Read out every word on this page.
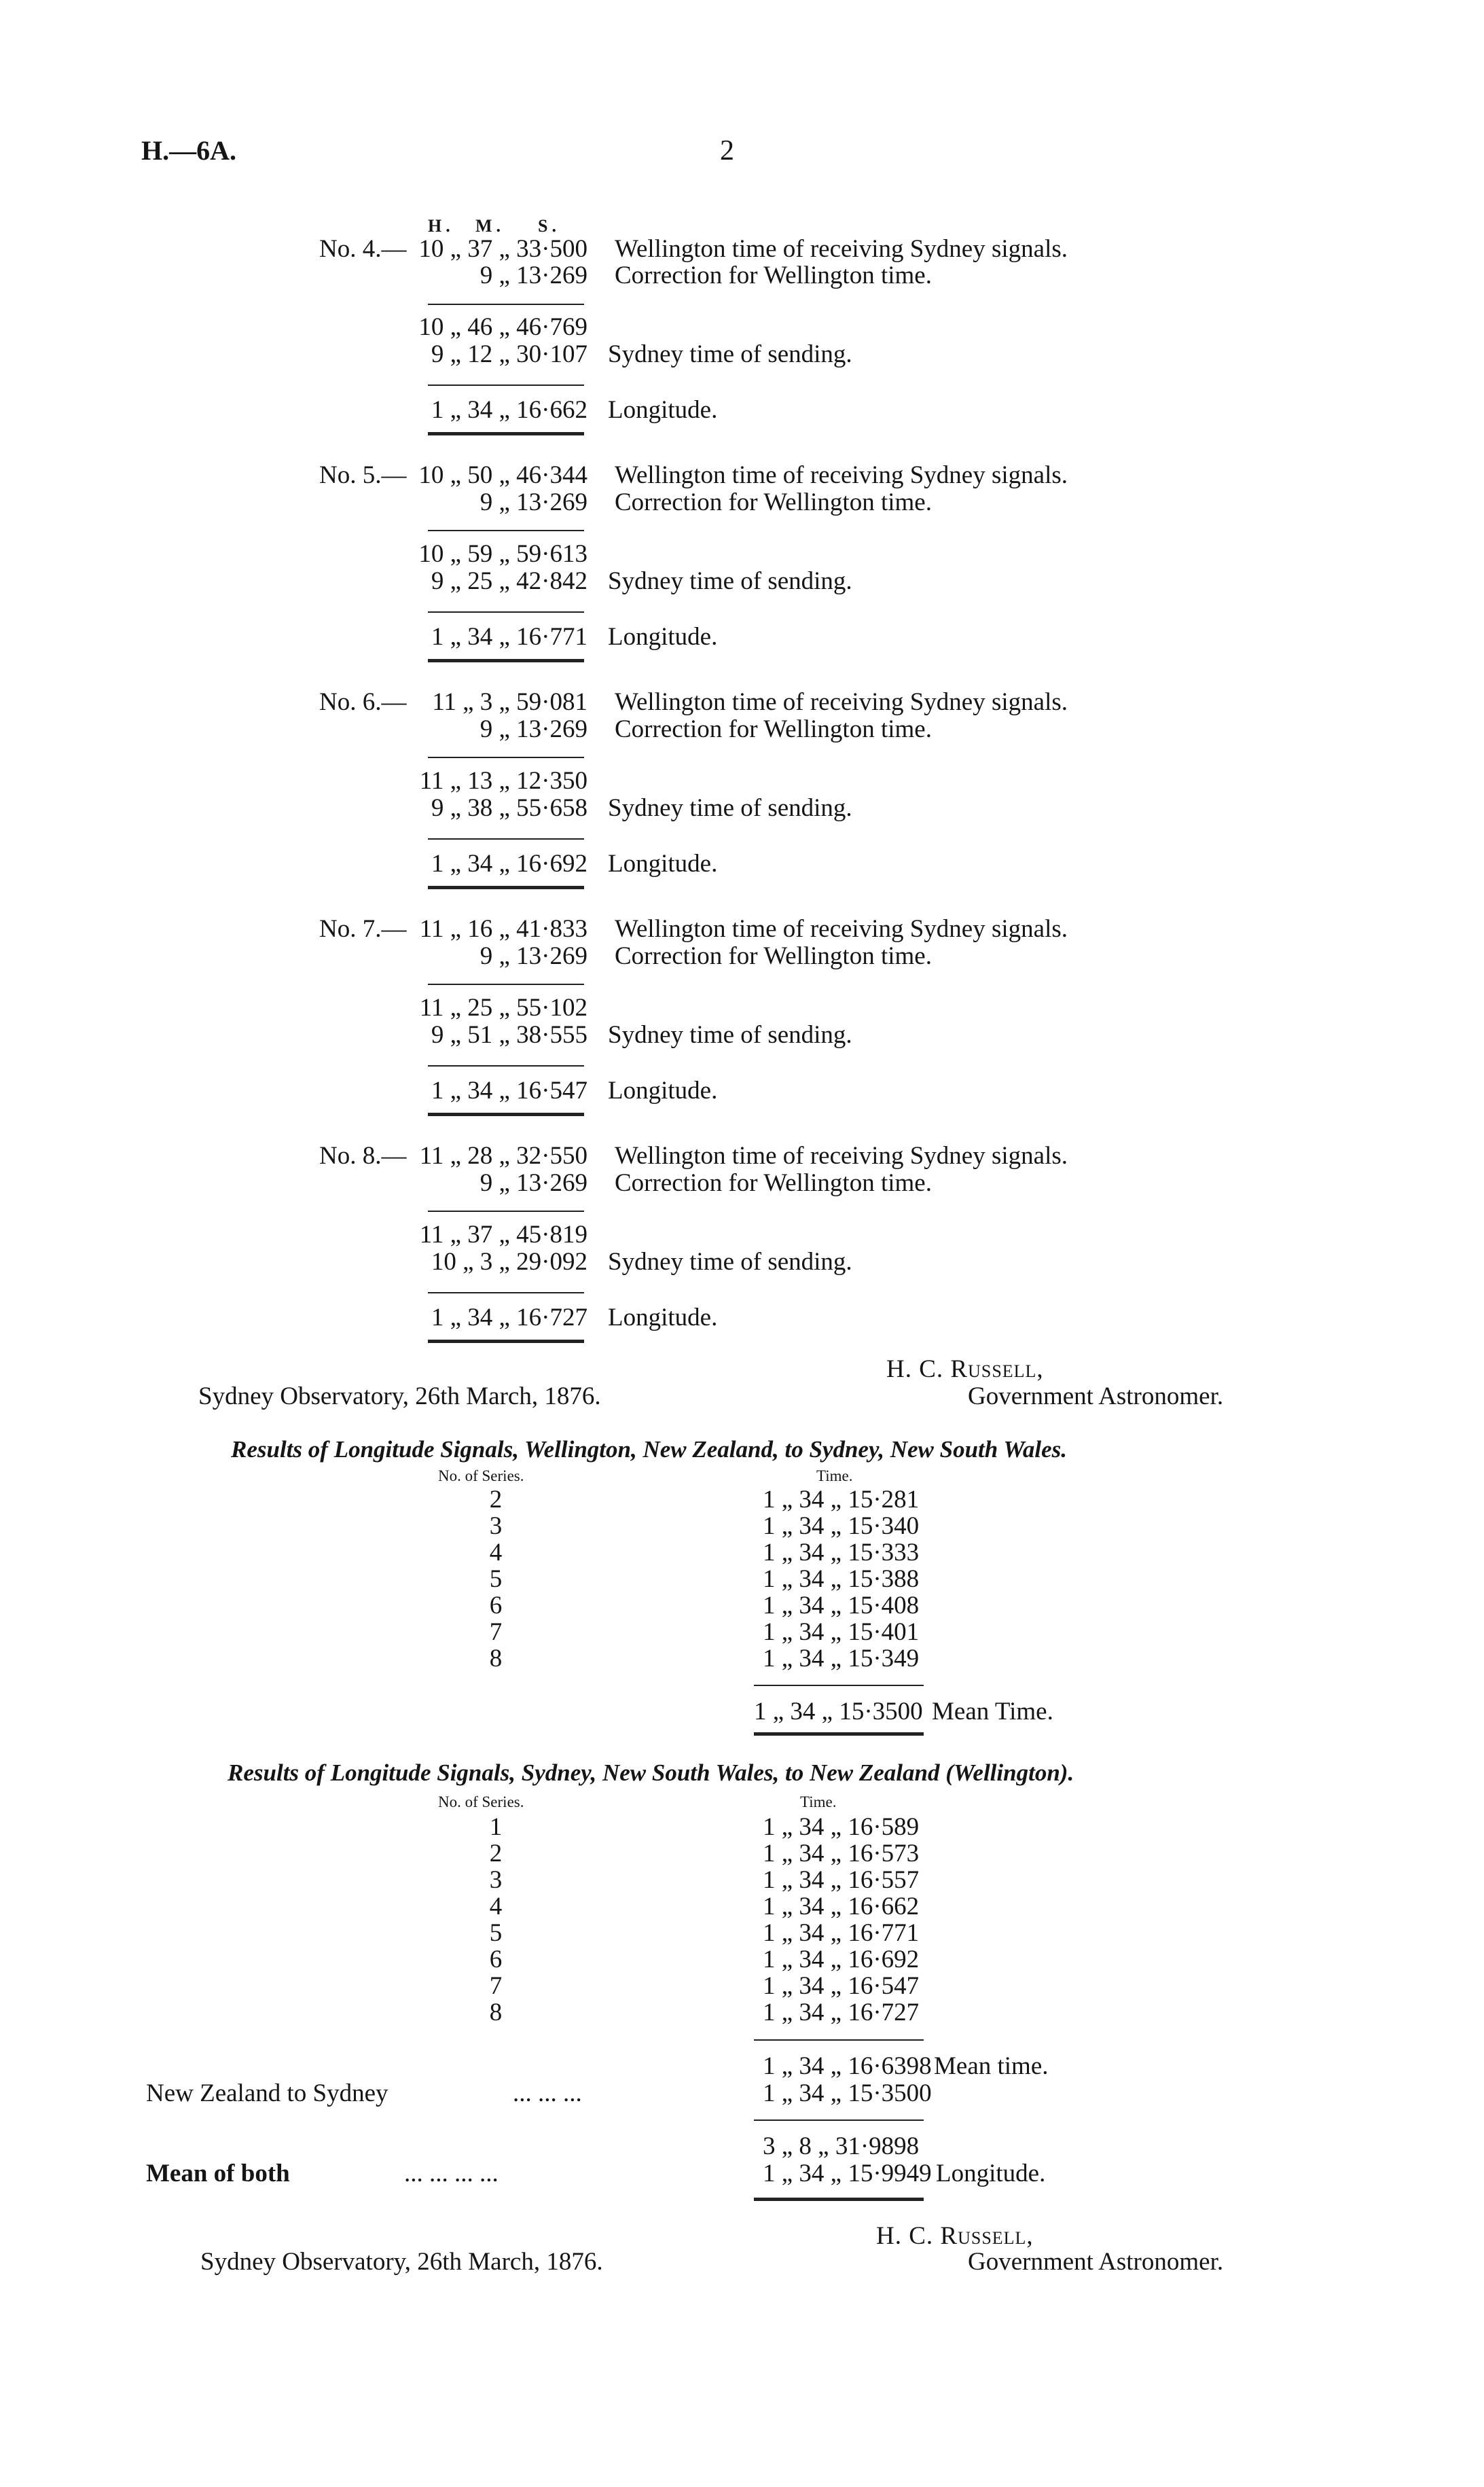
H.—6A.	2
H. M. S.
No. 4.— 10 „ 37 „ 33·500 Wellington time of receiving Sydney signals.
9 „ 13·269 Correction for Wellington time.
10 „ 46 „ 46·769
9 „ 12 „ 30·107 Sydney time of sending.
1 „ 34 „ 16·662 Longitude.
No. 5.— 10 „ 50 „ 46·344 Wellington time of receiving Sydney signals.
9 „ 13·269 Correction for Wellington time.
10 „ 59 „ 59·613
9 „ 25 „ 42·842 Sydney time of sending.
1 „ 34 „ 16·771 Longitude.
No. 6.— 11 „ 3 „ 59·081 Wellington time of receiving Sydney signals.
9 „ 13·269 Correction for Wellington time.
11 „ 13 „ 12·350
9 „ 38 „ 55·658 Sydney time of sending.
1 „ 34 „ 16·692 Longitude.
No. 7.— 11 „ 16 „ 41·833 Wellington time of receiving Sydney signals.
9 „ 13·269 Correction for Wellington time.
11 „ 25 „ 55·102
9 „ 51 „ 38·555 Sydney time of sending.
1 „ 34 „ 16·547 Longitude.
No. 8.— 11 „ 28 „ 32·550 Wellington time of receiving Sydney signals.
9 „ 13·269 Correction for Wellington time.
11 „ 37 „ 45·819
10 „ 3 „ 29·092 Sydney time of sending.
1 „ 34 „ 16·727 Longitude.
H. C. Russell,
Sydney Observatory, 26th March, 1876.	Government Astronomer.
Results of Longitude Signals, Wellington, New Zealand, to Sydney, New South Wales.
No. of Series.	Time.
2	1 „ 34 „ 15·281
3	1 „ 34 „ 15·340
4	1 „ 34 „ 15·333
5	1 „ 34 „ 15·388
6	1 „ 34 „ 15·408
7	1 „ 34 „ 15·401
8	1 „ 34 „ 15·349
1 „ 34 „ 15·3500 Mean Time.
Results of Longitude Signals, Sydney, New South Wales, to New Zealand (Wellington).
No. of Series.	Time.
1	1 „ 34 „ 16·589
2	1 „ 34 „ 16·573
3	1 „ 34 „ 16·557
4	1 „ 34 „ 16·662
5	1 „ 34 „ 16·771
6	1 „ 34 „ 16·692
7	1 „ 34 „ 16·547
8	1 „ 34 „ 16·727
1 „ 34 „ 16·6398 Mean time.
New Zealand to Sydney	... ... ...	1 „ 34 „ 15·3500
3 „ 8 „ 31·9898
Mean of both	... ... ... ...	1 „ 34 „ 15·9949 Longitude.
H. C. Russell,
Sydney Observatory, 26th March, 1876.	Government Astronomer.
